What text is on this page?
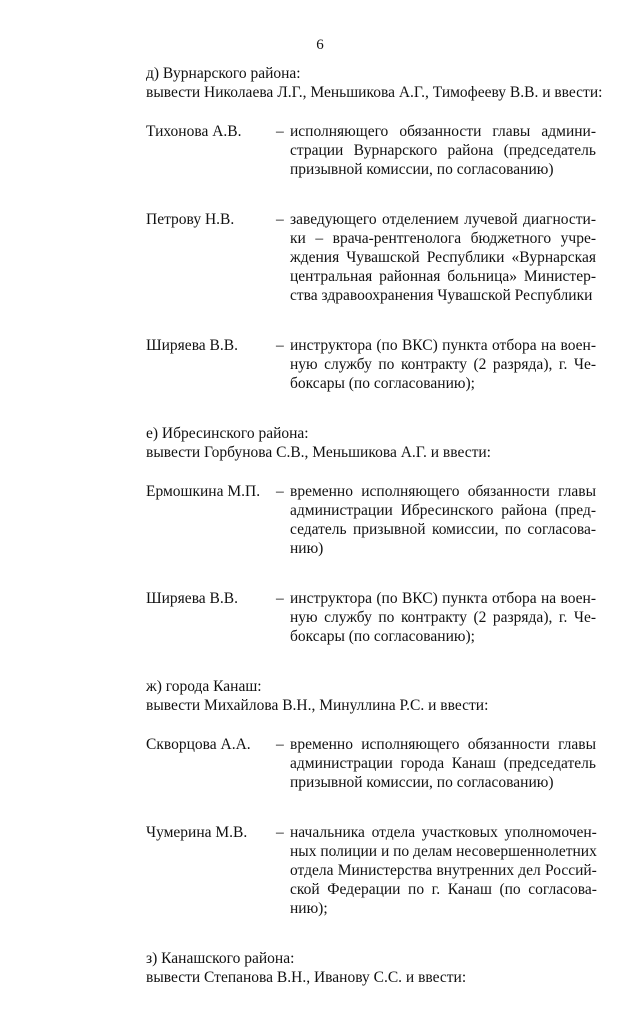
6

д) Вурнарского района:

вывести Николаева Л.Г., Меньшикова А.Г., Тимофееву В.В. и ввести:

Тихонова А.В.	– исполняющего обязанности главы админи-
страции Вурнарского района (председатель
призывной комиссии, по согласованию)
Петрову Н.В.	– заведующего отделением лучевой диагности-
ки – врача-рентгенолога бюджетного учре-
ждения Чувашской Республики «Вурнарская
центральная районная больница» Министер-
ства здравоохранения Чувашской Республики
Ширяева В.В.	– инструктора (по ВКС) пункта отбора на воен-
ную службу по контракту (2 разряда), г. Че-
боксары (по согласованию);

е) Ибресинского района:

вывести Горбунова С.В., Меньшикова А.Г. и ввести:

Ермошкина М.П.	– временно исполняющего обязанности главы
администрации Ибресинского района (пред-
седатель призывной комиссии, по согласова-
нию)
Ширяева В.В.	– инструктора (по ВКС) пункта отбора на воен-
ную службу по контракту (2 разряда), г. Че-
боксары (по согласованию);

ж) города Канаш:

вывести Михайлова В.Н., Минуллина Р.С. и ввести:

Скворцова А.А.	– временно исполняющего обязанности главы
администрации города Канаш (председатель
призывной комиссии, по согласованию)
Чумерина М.В.	– начальника отдела участковых уполномочен-
ных полиции и по делам несовершеннолетних
отдела Министерства внутренних дел Россий-
ской Федерации по г. Канаш (по согласова-
нию);

з) Канашского района:

вывести Степанова В.Н., Иванову С.С. и ввести:
